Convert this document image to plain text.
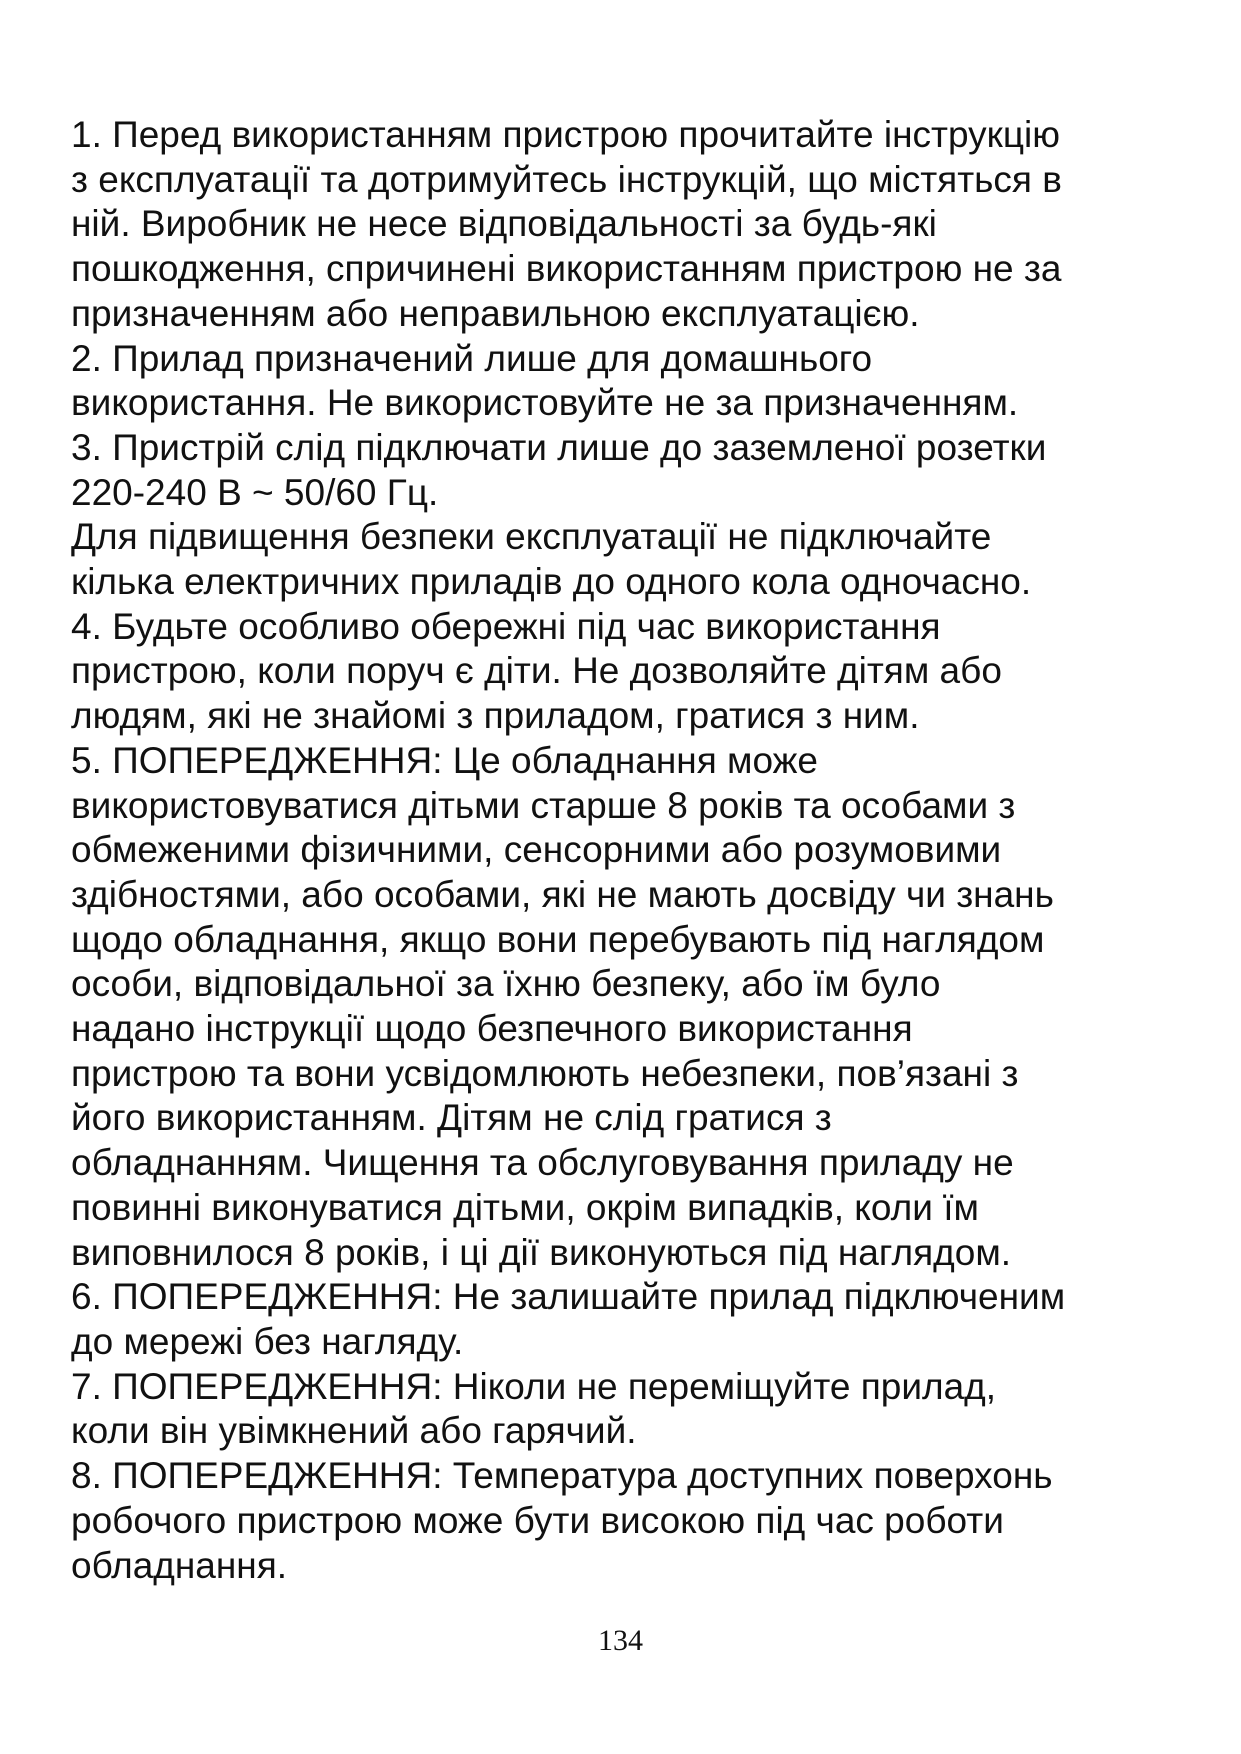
1. Перед використанням пристрою прочитайте інструкцію
з експлуатації та дотримуйтесь інструкцій, що містяться в
ній. Виробник не несе відповідальності за будь-які
пошкодження, спричинені використанням пристрою не за
призначенням або неправильною експлуатацією.
2. Прилад призначений лише для домашнього
використання. Не використовуйте не за призначенням.
3. Пристрій слід підключати лише до заземленої розетки
220-240 В ~ 50/60 Гц.
Для підвищення безпеки експлуатації не підключайте
кілька електричних приладів до одного кола одночасно.
4. Будьте особливо обережні під час використання
пристрою, коли поруч є діти. Не дозволяйте дітям або
людям, які не знайомі з приладом, гратися з ним.
5. ПОПЕРЕДЖЕННЯ: Це обладнання може
використовуватися дітьми старше 8 років та особами з
обмеженими фізичними, сенсорними або розумовими
здібностями, або особами, які не мають досвіду чи знань
щодо обладнання, якщо вони перебувають під наглядом
особи, відповідальної за їхню безпеку, або їм було
надано інструкції щодо безпечного використання
пристрою та вони усвідомлюють небезпеки, пов’язані з
його використанням. Дітям не слід гратися з
обладнанням. Чищення та обслуговування приладу не
повинні виконуватися дітьми, окрім випадків, коли їм
виповнилося 8 років, і ці дії виконуються під наглядом.
6. ПОПЕРЕДЖЕННЯ: Не залишайте прилад підключеним
до мережі без нагляду.
7. ПОПЕРЕДЖЕННЯ: Ніколи не переміщуйте прилад,
коли він увімкнений або гарячий.
8. ПОПЕРЕДЖЕННЯ: Температура доступних поверхонь
робочого пристрою може бути високою під час роботи
обладнання.
134
